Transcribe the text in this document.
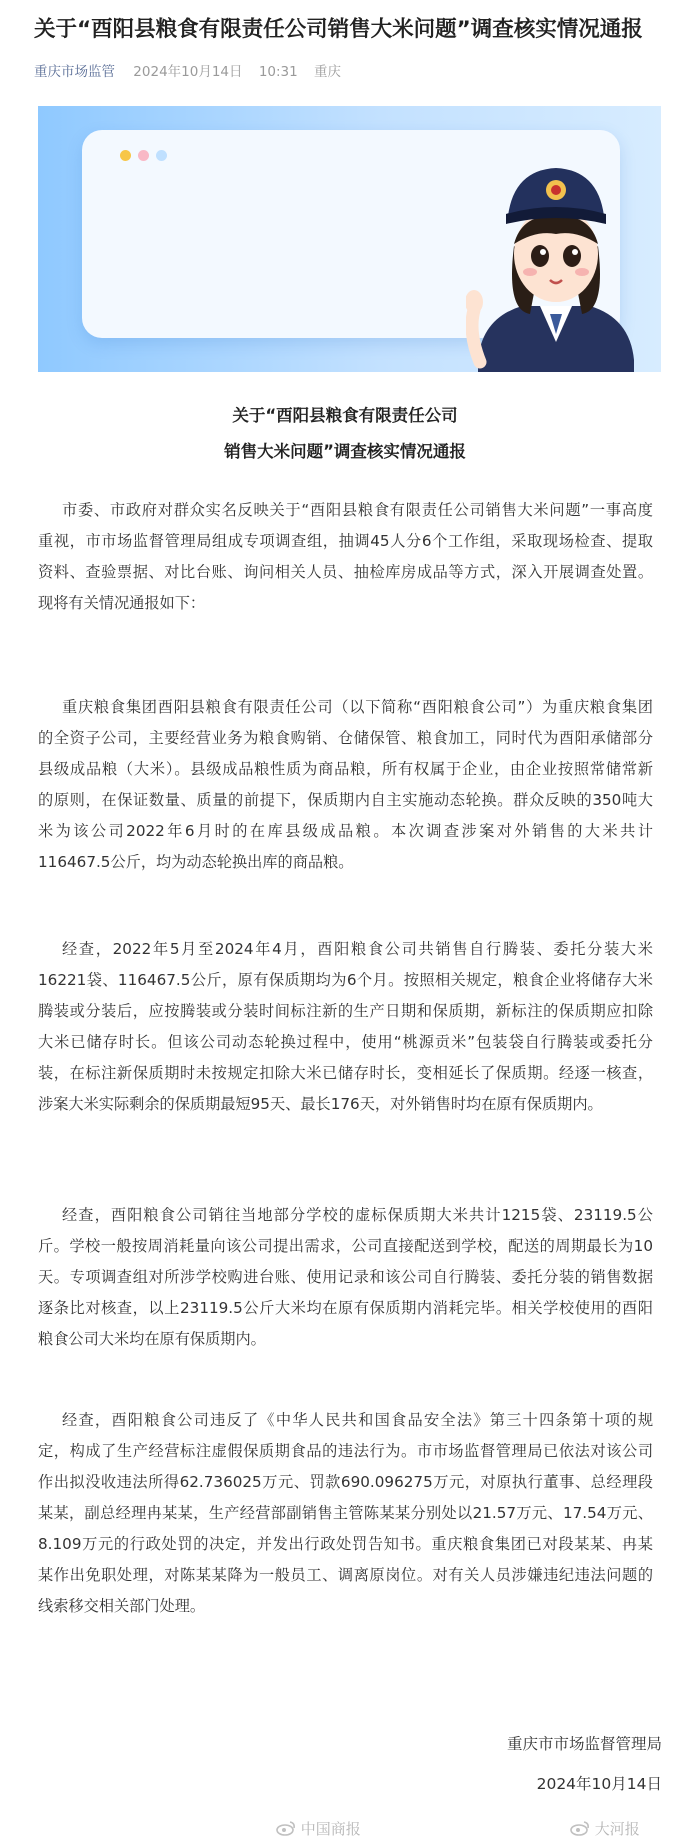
关于“酉阳县粮食有限责任公司销售大米问题”调查核实情况通报
重庆市场监管 2024年10月14日 10:31 重庆
关于“酉阳县粮食有限责任公司
销售大米问题”调查核实情况通报
市委、市政府对群众实名反映关于“酉阳县粮食有限责任公司销售大米问题”一事高度
重视，市市场监督管理局组成专项调查组，抽调45人分6个工作组，采取现场检查、提取
资料、查验票据、对比台账、询问相关人员、抽检库房成品等方式，深入开展调查处置。
现将有关情况通报如下：
重庆粮食集团酉阳县粮食有限责任公司（以下简称“酉阳粮食公司”）为重庆粮食集团
的全资子公司，主要经营业务为粮食购销、仓储保管、粮食加工，同时代为酉阳承储部分
县级成品粮（大米）。县级成品粮性质为商品粮，所有权属于企业，由企业按照常储常新
的原则，在保证数量、质量的前提下，保质期内自主实施动态轮换。群众反映的350吨大
米为该公司2022年6月时的在库县级成品粮。本次调查涉案对外销售的大米共计
116467.5公斤，均为动态轮换出库的商品粮。
经查，2022年5月至2024年4月，酉阳粮食公司共销售自行腾装、委托分装大米
16221袋、116467.5公斤，原有保质期均为6个月。按照相关规定，粮食企业将储存大米
腾装或分装后，应按腾装或分装时间标注新的生产日期和保质期，新标注的保质期应扣除
大米已储存时长。但该公司动态轮换过程中，使用“桃源贡米”包装袋自行腾装或委托分
装，在标注新保质期时未按规定扣除大米已储存时长，变相延长了保质期。经逐一核查，
涉案大米实际剩余的保质期最短95天、最长176天，对外销售时均在原有保质期内。
经查，酉阳粮食公司销往当地部分学校的虚标保质期大米共计1215袋、23119.5公
斤。学校一般按周消耗量向该公司提出需求，公司直接配送到学校，配送的周期最长为10
天。专项调查组对所涉学校购进台账、使用记录和该公司自行腾装、委托分装的销售数据
逐条比对核查，以上23119.5公斤大米均在原有保质期内消耗完毕。相关学校使用的酉阳
粮食公司大米均在原有保质期内。
经查，酉阳粮食公司违反了《中华人民共和国食品安全法》第三十四条第十项的规
定，构成了生产经营标注虚假保质期食品的违法行为。市市场监督管理局已依法对该公司
作出拟没收违法所得62.736025万元、罚款690.096275万元，对原执行董事、总经理段
某某，副总经理冉某某，生产经营部副销售主管陈某某分别处以21.57万元、17.54万元、
8.109万元的行政处罚的决定，并发出行政处罚告知书。重庆粮食集团已对段某某、冉某
某作出免职处理，对陈某某降为一般员工、调离原岗位。对有关人员涉嫌违纪违法问题的
线索移交相关部门处理。
重庆市市场监督管理局
2024年10月14日
中国商报	大河报
